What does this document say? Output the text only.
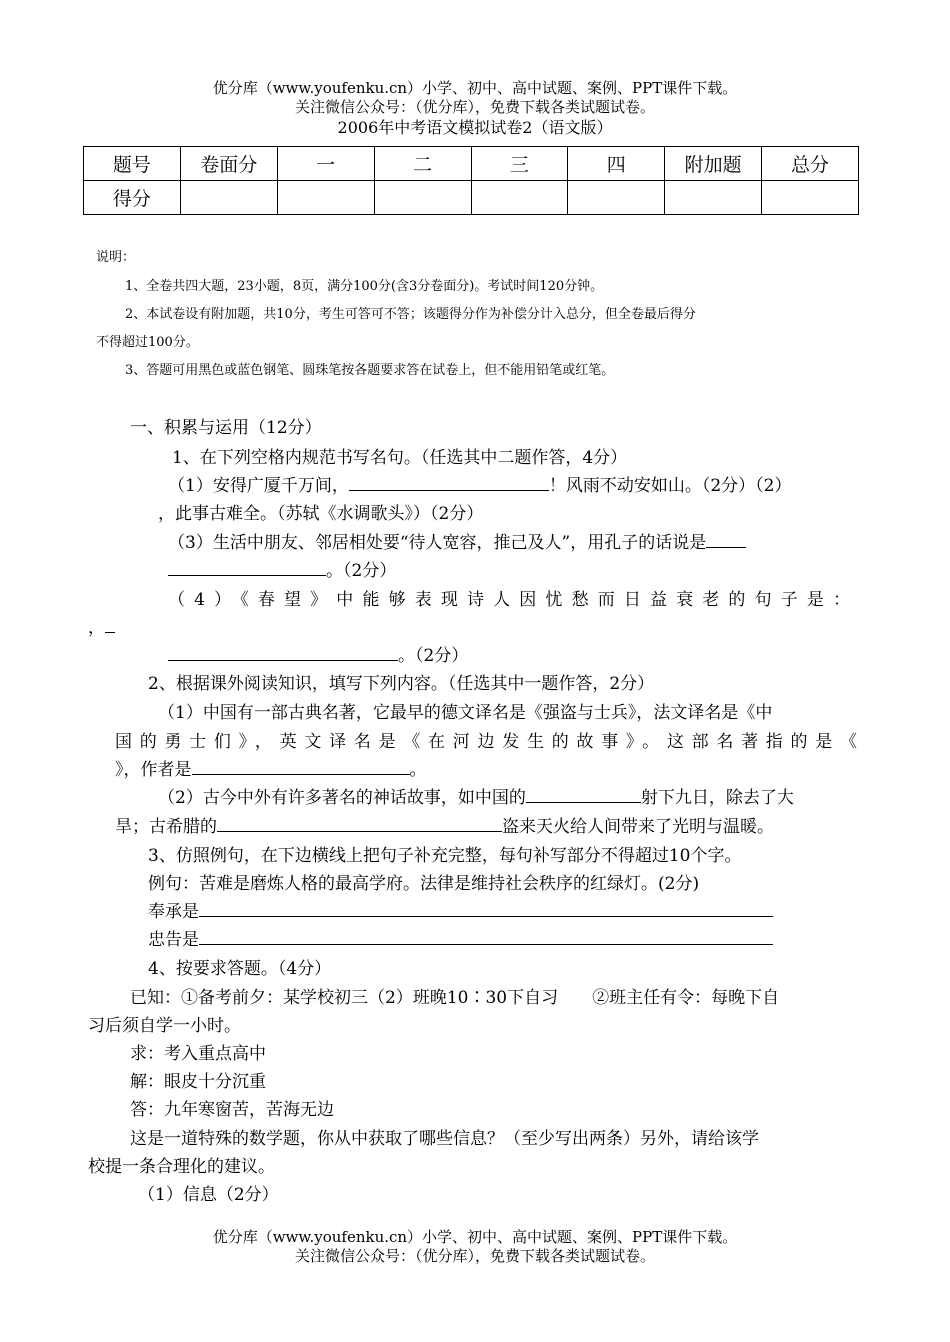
优分库（www.youfenku.cn）小学、初中、高中试题、案例、PPT课件下载。
关注微信公众号：（优分库），免费下载各类试题试卷。
2006年中考语文模拟试卷2（语文版）
题号	卷面分	一	二	三	四	附加题	总分
得分							
说明：
1、全卷共四大题，23小题，8页，满分100分(含3分卷面分)。考试时间120分钟。
2、本试卷设有附加题，共10分，考生可答可不答；该题得分作为补偿分计入总分，但全卷最后得分
不得超过100分。
3、答题可用黑色或蓝色钢笔、圆珠笔按各题要求答在试卷上，但不能用铅笔或红笔。
一、积累与运用（12分）
1、在下列空格内规范书写名句。（任选其中二题作答，4分）
（1）安得广厦千万间，	！风雨不动安如山。（2分）（2）
，此事古难全。（苏轼《水调歌头》）（2分）
（3）生活中朋友、邻居相处要“待人宽容，推己及人”，用孔子的话说是
。（2分）
（4）《春望》中能够表现诗人因忧愁而日益衰老的句子是：
，
。（2分）
2、根据课外阅读知识，填写下列内容。（任选其中一题作答，2分）
（1）中国有一部古典名著，它最早的德文译名是《强盗与士兵》，法文译名是《中
国的勇士们》，英文译名是《在河边发生的故事》。这部名著指的是《
》，作者是	。
（2）古今中外有许多著名的神话故事，如中国的	射下九日，除去了大
旱；古希腊的	盗来天火给人间带来了光明与温暖。
3、仿照例句，在下边横线上把句子补充完整，每句补写部分不得超过10个字。
例句：苦难是磨炼人格的最高学府。法律是维持社会秩序的红绿灯。(2分)
奉承是
忠告是
4、按要求答题。（4分）
已知：①备考前夕：某学校初三（2）班晚10∶30下自习　　②班主任有令：每晚下自
习后须自学一小时。
求：考入重点高中
解：眼皮十分沉重
答：九年寒窗苦，苦海无边
这是一道特殊的数学题，你从中获取了哪些信息？（至少写出两条）另外，请给该学
校提一条合理化的建议。
（1）信息（2分）
优分库（www.youfenku.cn）小学、初中、高中试题、案例、PPT课件下载。
关注微信公众号：（优分库），免费下载各类试题试卷。
